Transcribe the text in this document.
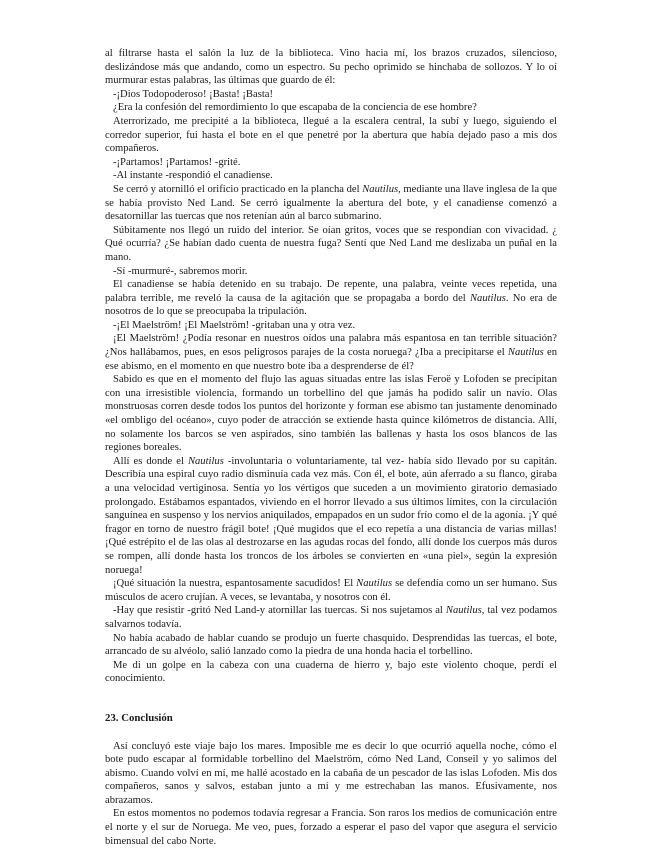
al filtrarse hasta el salón la luz de la biblioteca. Vino hacia mí, los brazos cruzados, silencioso, deslizándose más que andando, como un espectro. Su pecho oprimido se hinchaba de sollozos. Y lo oí murmurar estas palabras, las últimas que guardo de él:

-¡Dios Todopoderoso! ¡Basta! ¡Basta!

¿Era la confesión del remordimiento lo que escapaba de la conciencia de ese hombre?

Aterrorizado, me precipité a la biblioteca, llegué a la escalera central, la subí y luego, siguiendo el corredor superior, fui hasta el bote en el que penetré por la abertura que había dejado paso a mis dos compañeros.

-¡Partamos! ¡Partamos! -grité.

-Al instante -respondió el canadiense.

Se cerró y atornilló el orificio practicado en la plancha del Nautilus, mediante una llave inglesa de la que se había provisto Ned Land. Se cerró igualmente la abertura del bote, y el canadiense comenzó a desatornillar las tuercas que nos retenían aún al barco submarino.

Súbitamente nos llegó un ruido del interior. Se oían gritos, voces que se respondían con vivacidad. ¿ Qué ocurría? ¿Se habían dado cuenta de nuestra fuga? Sentí que Ned Land me deslizaba un puñal en la mano.

-Sí -murmuré-, sabremos morir.

El canadiense se había detenido en su trabajo. De repente, una palabra, veinte veces repetida, una palabra terrible, me reveló la causa de la agitación que se propagaba a bordo del Nautilus. No era de nosotros de lo que se preocupaba la tripulación.

-¡El Maelström! ¡El Maelström! -gritaban una y otra vez.

¡El Maelström! ¿Podía resonar en nuestros oídos una palabra más espantosa en tan terrible situación? ¿Nos hallábamos, pues, en esos peligrosos parajes de la costa noruega? ¿Iba a precipitarse el Nautilus en ese abismo, en el momento en que nuestro bote iba a desprenderse de él?

Sabido es que en el momento del flujo las aguas situadas entre las islas Feroë y Lofoden se precipitan con una irresistible violencia, formando un torbellino del que jamás ha podido salir un navío. Olas monstruosas corren desde todos los puntos del horizonte y forman ese abismo tan justamente denominado «el ombligo del océano», cuyo poder de atracción se extiende hasta quince kilómetros de distancia. Allí, no solamente los barcos se ven aspirados, sino también las ballenas y hasta los osos blancos de las regiones boreales.

Allí es donde el Nautilus -involuntaria o voluntariamente, tal vez- había sido llevado por su capitán. Describía una espiral cuyo radio disminuía cada vez más. Con él, el bote, aún aferrado a su flanco, giraba a una velocidad vertiginosa. Sentía yo los vértigos que suceden a un movimiento giratorio demasiado prolongado. Estábamos espantados, viviendo en el horror llevado a sus últimos límites, con la circulación sanguínea en suspenso y los nervios aniquilados, empapados en un sudor frío como el de la agonía. ¡Y qué fragor en torno de nuestro frágil bote! ¡Qué mugidos que el eco repetía a una distancia de varias millas! ¡Qué estrépito el de las olas al destrozarse en las agudas rocas del fondo, allí donde los cuerpos más duros se rompen, allí donde hasta los troncos de los árboles se convierten en «una piel», según la expresión noruega!

¡Qué situación la nuestra, espantosamente sacudidos! El Nautilus se defendía como un ser humano. Sus músculos de acero crujían. A veces, se levantaba, y nosotros con él.

-Hay que resistir -gritó Ned Land-y atornillar las tuercas. Si nos sujetamos al Nautilus, tal vez podamos salvarnos todavía.

No había acabado de hablar cuando se produjo un fuerte chasquido. Desprendidas las tuercas, el bote, arrancado de su alvéolo, salió lanzado como la piedra de una honda hacia el torbellino.

Me di un golpe en la cabeza con una cuaderna de hierro y, bajo este violento choque, perdí el conocimiento.

23. Conclusión

Así concluyó este viaje bajo los mares. Imposible me es decir lo que ocurrió aquella noche, cómo el bote pudo escapar al formidable torbellino del Maelström, cómo Ned Land, Conseil y yo salimos del abismo. Cuando volví en mí, me hallé acostado en la cabaña de un pescador de las islas Lofoden. Mis dos compañeros, sanos y salvos, estaban junto a mí y me estrechaban las manos. Efusivamente, nos abrazamos.

En estos momentos no podemos todavía regresar a Francia. Son raros los medios de comunicación entre el norte y el sur de Noruega. Me veo, pues, forzado a esperar el paso del vapor que asegura el servicio bimensual del cabo Norte.
